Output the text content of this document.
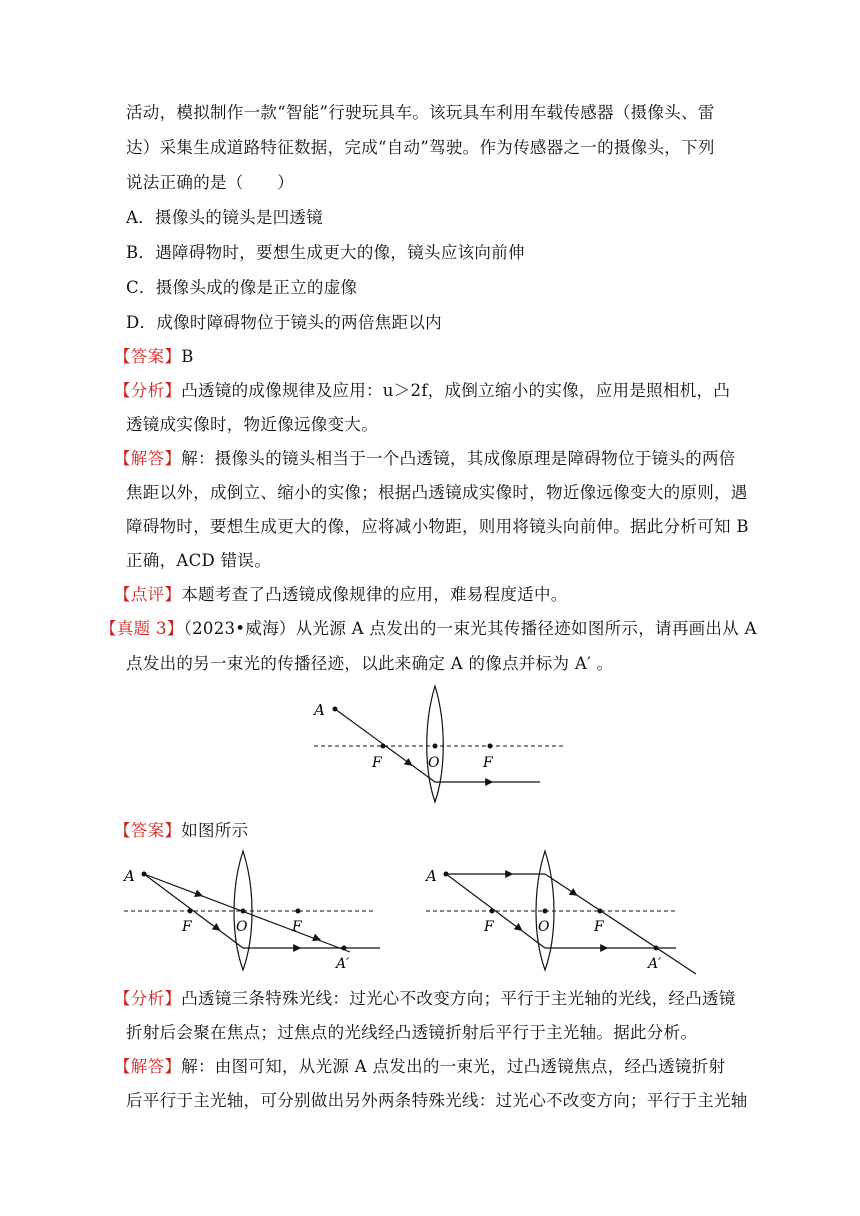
活动，模拟制作一款“智能”行驶玩具车。该玩具车利用车载传感器（摄像头、雷
达）采集生成道路特征数据，完成“自动”驾驶。作为传感器之一的摄像头，下列
说法正确的是（　　）
A．摄像头的镜头是凹透镜
B．遇障碍物时，要想生成更大的像，镜头应该向前伸
C．摄像头成的像是正立的虚像
D．成像时障碍物位于镜头的两倍焦距以内
【答案】B
【分析】凸透镜的成像规律及应用：u＞2f，成倒立缩小的实像，应用是照相机，凸
透镜成实像时，物近像远像变大。
【解答】解：摄像头的镜头相当于一个凸透镜，其成像原理是障碍物位于镜头的两倍
焦距以外，成倒立、缩小的实像；根据凸透镜成实像时，物近像远像变大的原则，遇
障碍物时，要想生成更大的像，应将减小物距，则用将镜头向前伸。据此分析可知 B
正确，ACD 错误。
【点评】本题考查了凸透镜成像规律的应用，难易程度适中。
【真题 3】（2023•威海）从光源 A 点发出的一束光其传播径迹如图所示，请再画出从 A
点发出的另一束光的传播径迹，以此来确定 A 的像点并标为 A′ 。
A
F	O	F
【答案】如图所示
A
F	O	F
A′
A
F	O	F
A′
【分析】凸透镜三条特殊光线：过光心不改变方向；平行于主光轴的光线，经凸透镜
折射后会聚在焦点；过焦点的光线经凸透镜折射后平行于主光轴。据此分析。
【解答】解：由图可知，从光源 A 点发出的一束光，过凸透镜焦点，经凸透镜折射
后平行于主光轴，可分别做出另外两条特殊光线：过光心不改变方向；平行于主光轴
